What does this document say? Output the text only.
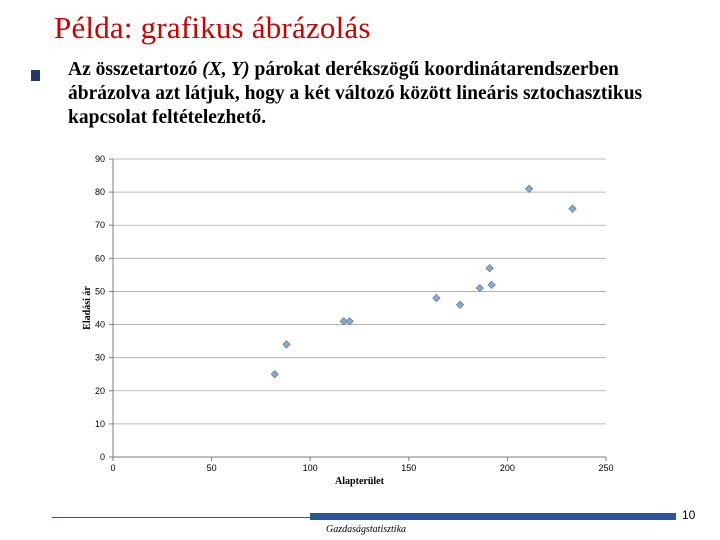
Példa: grafikus ábrázolás
Az összetartozó (X, Y) párokat derékszögű koordinátarendszerben ábrázolva azt látjuk, hogy a két változó között lineáris sztochasztikus kapcsolat feltételezhető.
0
10
20
30
40
50
60
70
80
90
0	50	100	150	200	250
Alapterület
Eladási ár
10
Gazdaságstatisztika
